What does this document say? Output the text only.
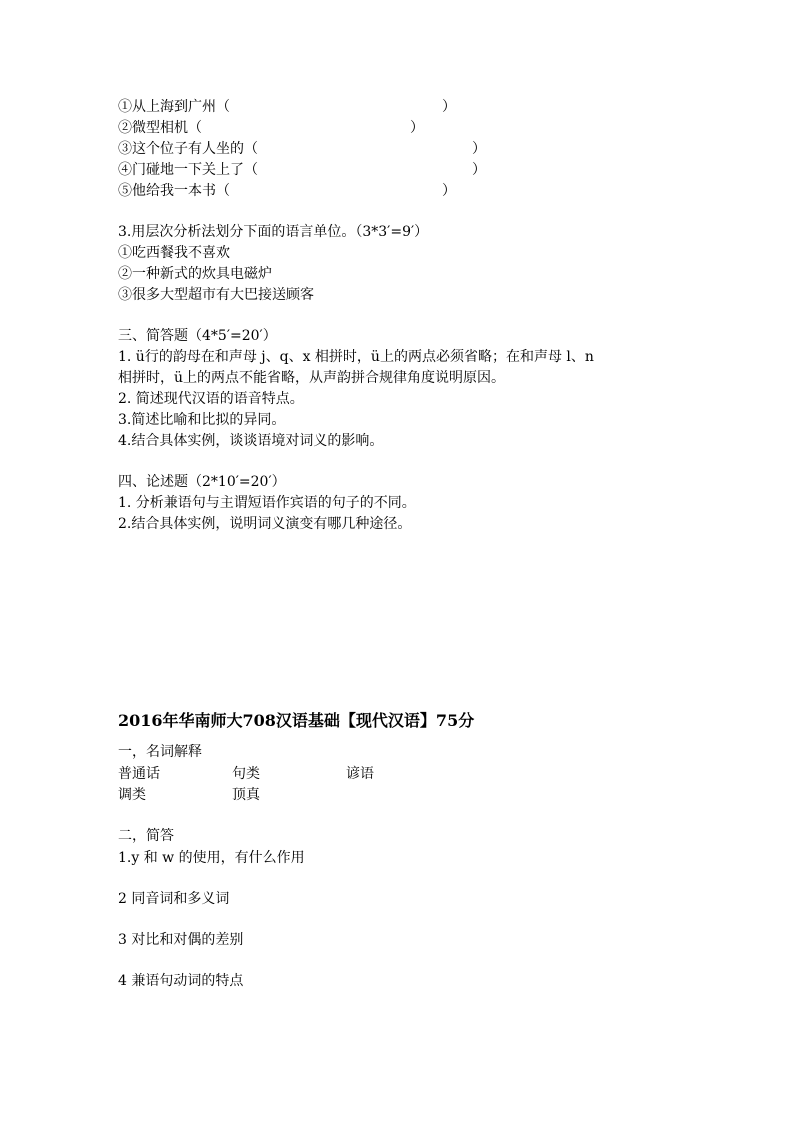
①从上海到广州（	）
②微型相机（	）
③这个位子有人坐的（	）
④门碰地一下关上了（	）
⑤他给我一本书（	）
3.用层次分析法划分下面的语言单位。（3*3′=9′）
①吃西餐我不喜欢
②一种新式的炊具电磁炉
③很多大型超市有大巴接送顾客
三、简答题（4*5′=20′）
1. ü行的韵母在和声母 j、q、x 相拼时，ü上的两点必须省略；在和声母 l、n
相拼时，ü上的两点不能省略，从声韵拼合规律角度说明原因。
2. 简述现代汉语的语音特点。
3.简述比喻和比拟的异同。
4.结合具体实例，谈谈语境对词义的影响。
四、论述题（2*10′=20′）
1. 分析兼语句与主谓短语作宾语的句子的不同。
2.结合具体实例，说明词义演变有哪几种途径。
2016年华南师大708汉语基础【现代汉语】75分
一，名词解释
普通话	句类	谚语
调类	顶真
二，简答
1.y 和 w 的使用，有什么作用
2 同音词和多义词
3 对比和对偶的差别
4 兼语句动词的特点
